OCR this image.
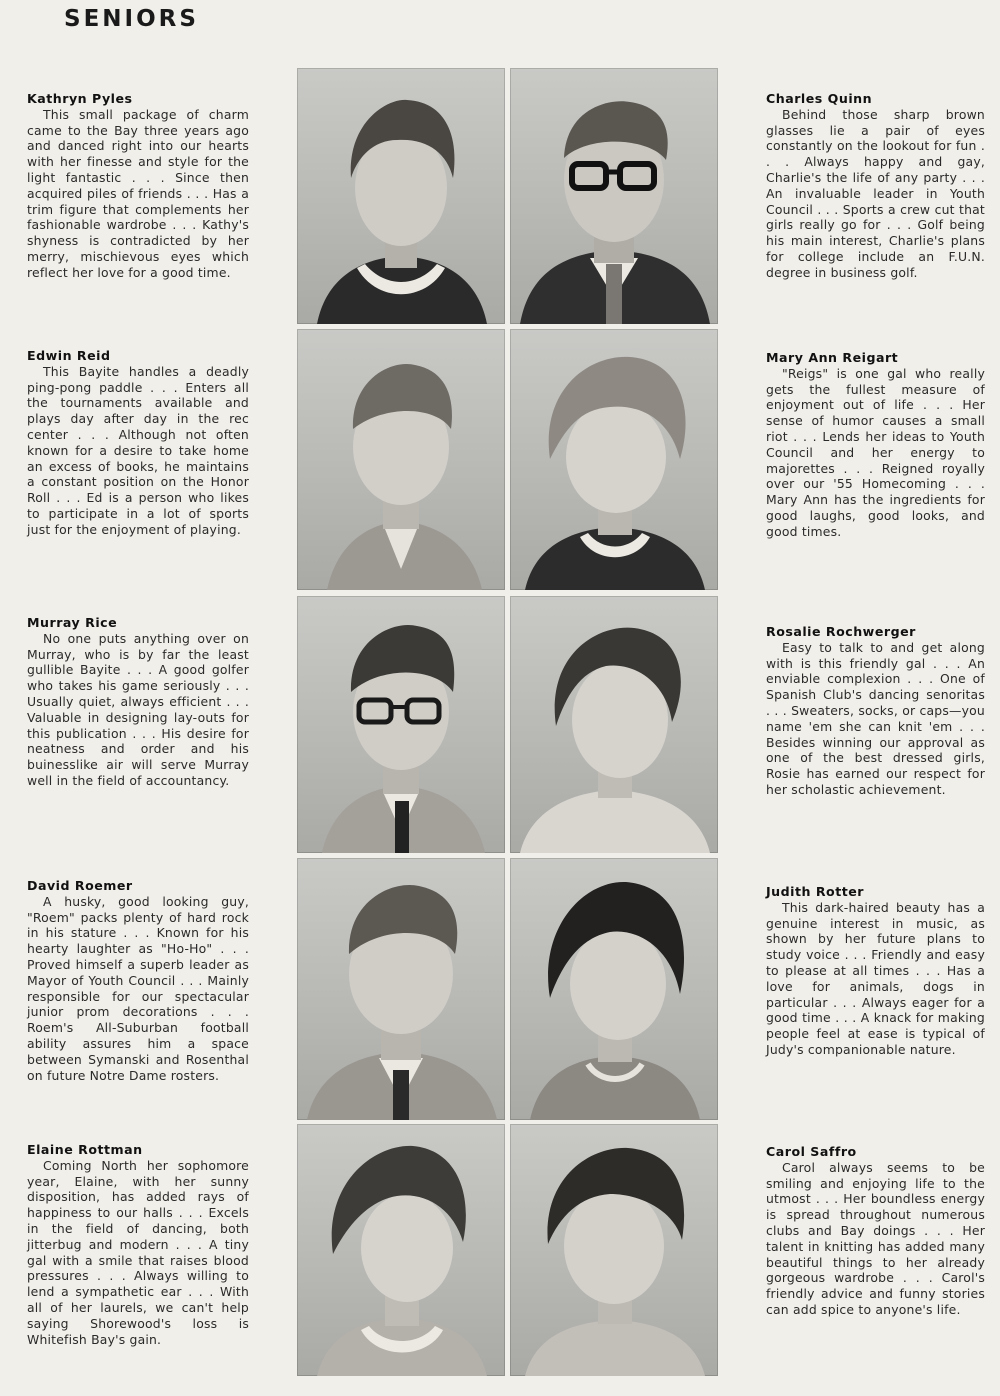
SENIORS
Kathryn Pyles
This small package of charm came to the Bay three years ago and danced right into our hearts with her finesse and style for the light fantastic . . . Since then acquired piles of friends . . . Has a trim figure that complements her fashionable wardrobe . . . Kathy's shyness is contradicted by her merry, mischievous eyes which reflect her love for a good time.
Charles Quinn
Behind those sharp brown glasses lie a pair of eyes constantly on the lookout for fun . . . Always happy and gay, Charlie's the life of any party . . . An invaluable leader in Youth Council . . . Sports a crew cut that girls really go for . . . Golf being his main interest, Charlie's plans for college include an F.U.N. degree in business golf.
Edwin Reid
This Bayite handles a deadly ping-pong paddle . . . Enters all the tournaments available and plays day after day in the rec center . . . Although not often known for a desire to take home an excess of books, he maintains a constant position on the Honor Roll . . . Ed is a person who likes to participate in a lot of sports just for the enjoyment of playing.
Mary Ann Reigart
"Reigs" is one gal who really gets the fullest measure of enjoyment out of life . . . Her sense of humor causes a small riot . . . Lends her ideas to Youth Council and her energy to majorettes . . . Reigned royally over our '55 Homecoming . . . Mary Ann has the ingredients for good laughs, good looks, and good times.
Murray Rice
No one puts anything over on Murray, who is by far the least gullible Bayite . . . A good golfer who takes his game seriously . . . Usually quiet, always efficient . . . Valuable in designing lay-outs for this publication . . . His desire for neatness and order and his buinesslike air will serve Murray well in the field of accountancy.
Rosalie Rochwerger
Easy to talk to and get along with is this friendly gal . . . An enviable complexion . . . One of Spanish Club's dancing senoritas . . . Sweaters, socks, or caps—you name 'em she can knit 'em . . . Besides winning our approval as one of the best dressed girls, Rosie has earned our respect for her scholastic achievement.
David Roemer
A husky, good looking guy, "Roem" packs plenty of hard rock in his stature . . . Known for his hearty laughter as "Ho-Ho" . . . Proved himself a superb leader as Mayor of Youth Council . . . Mainly responsible for our spectacular junior prom decorations . . . Roem's All-Suburban football ability assures him a space between Symanski and Rosenthal on future Notre Dame rosters.
Judith Rotter
This dark-haired beauty has a genuine interest in music, as shown by her future plans to study voice . . . Friendly and easy to please at all times . . . Has a love for animals, dogs in particular . . . Always eager for a good time . . . A knack for making people feel at ease is typical of Judy's companionable nature.
Elaine Rottman
Coming North her sophomore year, Elaine, with her sunny disposition, has added rays of happiness to our halls . . . Excels in the field of dancing, both jitterbug and modern . . . A tiny gal with a smile that raises blood pressures . . . Always willing to lend a sympathetic ear . . . With all of her laurels, we can't help saying Shorewood's loss is Whitefish Bay's gain.
Carol Saffro
Carol always seems to be smiling and enjoying life to the utmost . . . Her boundless energy is spread throughout numerous clubs and Bay doings . . . Her talent in knitting has added many beautiful things to her already gorgeous wardrobe . . . Carol's friendly advice and funny stories can add spice to anyone's life.
